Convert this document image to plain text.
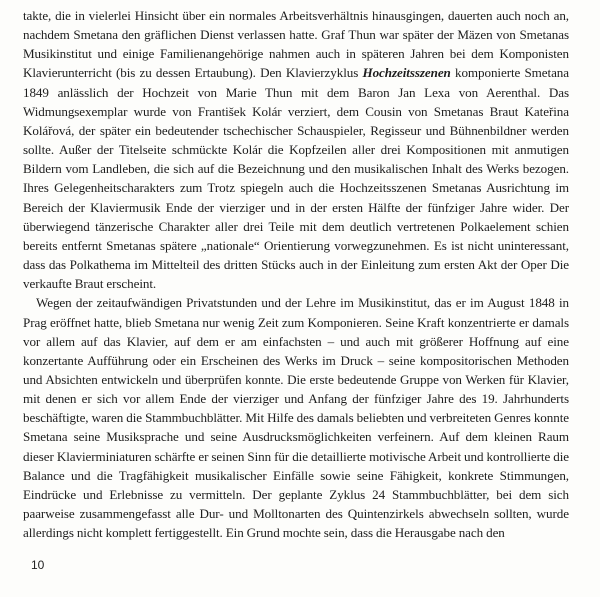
takte, die in vielerlei Hinsicht über ein normales Arbeitsverhältnis hinausgingen, dauerten auch noch an, nachdem Smetana den gräflichen Dienst verlassen hatte. Graf Thun war später der Mäzen von Smetanas Musikinstitut und einige Familienangehörige nahmen auch in späteren Jahren bei dem Komponisten Klavierunterricht (bis zu dessen Ertaubung). Den Klavierzyklus Hochzeitsszenen komponierte Smetana 1849 anlässlich der Hochzeit von Marie Thun mit dem Baron Jan Lexa von Aerenthal. Das Widmungsexemplar wurde von František Kolár verziert, dem Cousin von Smetanas Braut Kateřina Kolářová, der später ein bedeutender tschechischer Schauspieler, Regisseur und Bühnenbildner werden sollte. Außer der Titelseite schmückte Kolár die Kopfzeilen aller drei Kompositionen mit anmutigen Bildern vom Landleben, die sich auf die Bezeichnung und den musikalischen Inhalt des Werks bezogen. Ihres Gelegenheitscharakters zum Trotz spiegeln auch die Hochzeitsszenen Smetanas Ausrichtung im Bereich der Klaviermusik Ende der vierziger und in der ersten Hälfte der fünfziger Jahre wider. Der überwiegend tänzerische Charakter aller drei Teile mit dem deutlich vertretenen Polkaelement schien bereits entfernt Smetanas spätere „nationale“ Orientierung vorwegzunehmen. Es ist nicht uninteressant, dass das Polkathema im Mittelteil des dritten Stücks auch in der Einleitung zum ersten Akt der Oper Die verkaufte Braut erscheint.

Wegen der zeitaufwändigen Privatstunden und der Lehre im Musikinstitut, das er im August 1848 in Prag eröffnet hatte, blieb Smetana nur wenig Zeit zum Komponieren. Seine Kraft konzentrierte er damals vor allem auf das Klavier, auf dem er am einfachsten – und auch mit größerer Hoffnung auf eine konzertante Aufführung oder ein Erscheinen des Werks im Druck – seine kompositorischen Methoden und Absichten entwickeln und überprüfen konnte. Die erste bedeutende Gruppe von Werken für Klavier, mit denen er sich vor allem Ende der vierziger und Anfang der fünfziger Jahre des 19. Jahrhunderts beschäftigte, waren die Stammbuchblätter. Mit Hilfe des damals beliebten und verbreiteten Genres konnte Smetana seine Musiksprache und seine Ausdrucksmöglichkeiten verfeinern. Auf dem kleinen Raum dieser Klavierminiaturen schärfte er seinen Sinn für die detaillierte motivische Arbeit und kontrollierte die Balance und die Tragfähigkeit musikalischer Einfälle sowie seine Fähigkeit, konkrete Stimmungen, Eindrücke und Erlebnisse zu vermitteln. Der geplante Zyklus 24 Stammbuchblätter, bei dem sich paarweise zusammengefasst alle Dur- und Molltonarten des Quintenzirkels abwechseln sollten, wurde allerdings nicht komplett fertiggestellt. Ein Grund mochte sein, dass die Herausgabe nach den

10
